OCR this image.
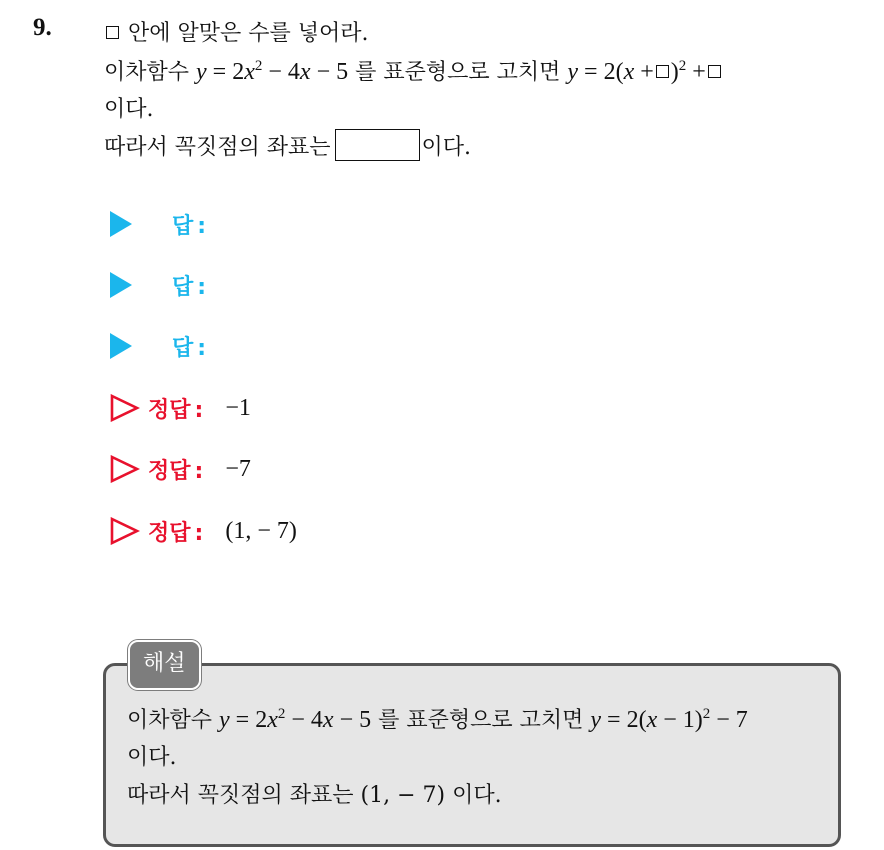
9.	안에 알맞은 수를 넣어라.
이차함수 $y = 2x^2 - 4x - 5$ 를 표준형으로 고치면 $y = 2(x + )^2$ +
이다.
따라서 꼭짓점의 좌표는	이다.
답 :
답 :
답 :
정답 : −1
정답 : −7
정답 : (1, − 7)
해설
이차함수 $y = 2x^2 - 4x - 5$ 를 표준형으로 고치면 $y = 2(x - 1)^2 - 7$
이다.
따라서 꼭짓점의 좌표는 (1, − 7) 이다.
